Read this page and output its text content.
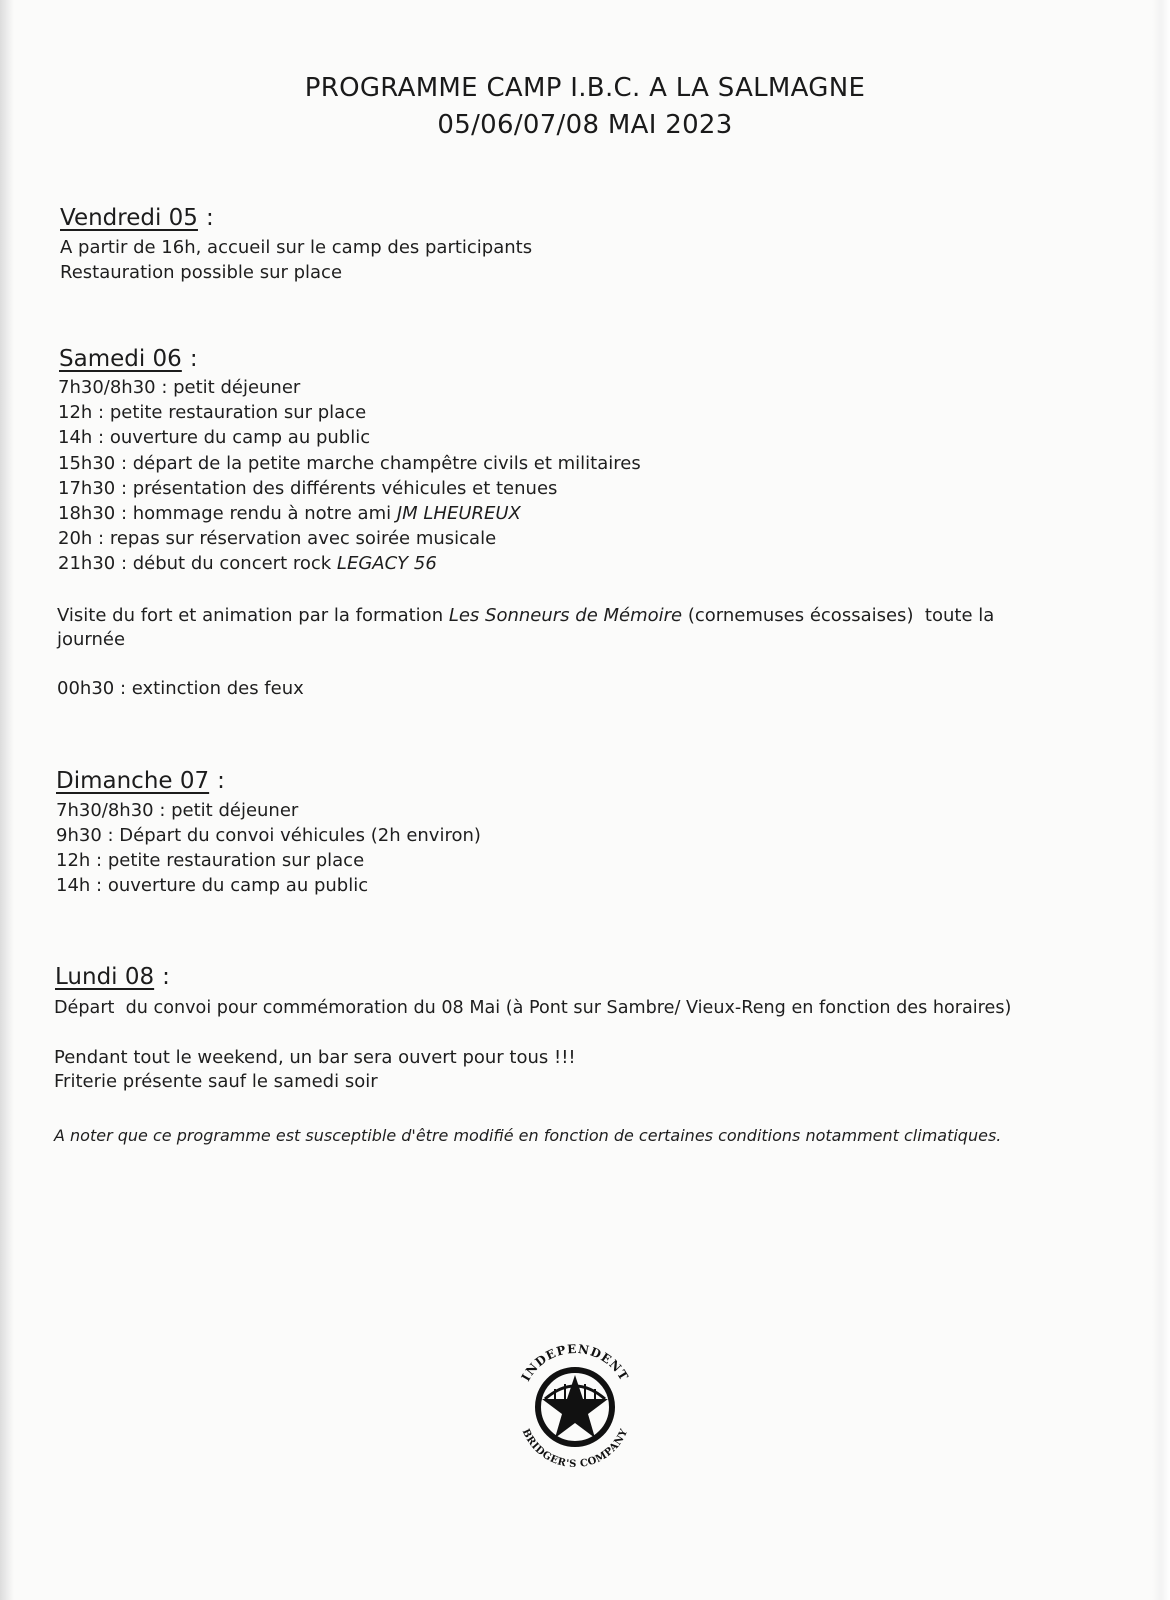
PROGRAMME CAMP I.B.C. A LA SALMAGNE
05/06/07/08 MAI 2023
Vendredi 05 :
A partir de 16h, accueil sur le camp des participants
Restauration possible sur place
Samedi 06 :
7h30/8h30 : petit déjeuner
12h : petite restauration sur place
14h : ouverture du camp au public
15h30 : départ de la petite marche champêtre civils et militaires
17h30 : présentation des différents véhicules et tenues
18h30 : hommage rendu à notre ami JM LHEUREUX
20h : repas sur réservation avec soirée musicale
21h30 : début du concert rock LEGACY 56
Visite du fort et animation par la formation Les Sonneurs de Mémoire (cornemuses écossaises)  toute la
journée
00h30 : extinction des feux
Dimanche 07 :
7h30/8h30 : petit déjeuner
9h30 : Départ du convoi véhicules (2h environ)
12h : petite restauration sur place
14h : ouverture du camp au public
Lundi 08 :
Départ  du convoi pour commémoration du 08 Mai (à Pont sur Sambre/ Vieux-Reng en fonction des horaires)
Pendant tout le weekend, un bar sera ouvert pour tous !!!
Friterie présente sauf le samedi soir
A noter que ce programme est susceptible d'être modifié en fonction de certaines conditions notamment climatiques.
INDEPENDENT
BRIDGER'S COMPANY
